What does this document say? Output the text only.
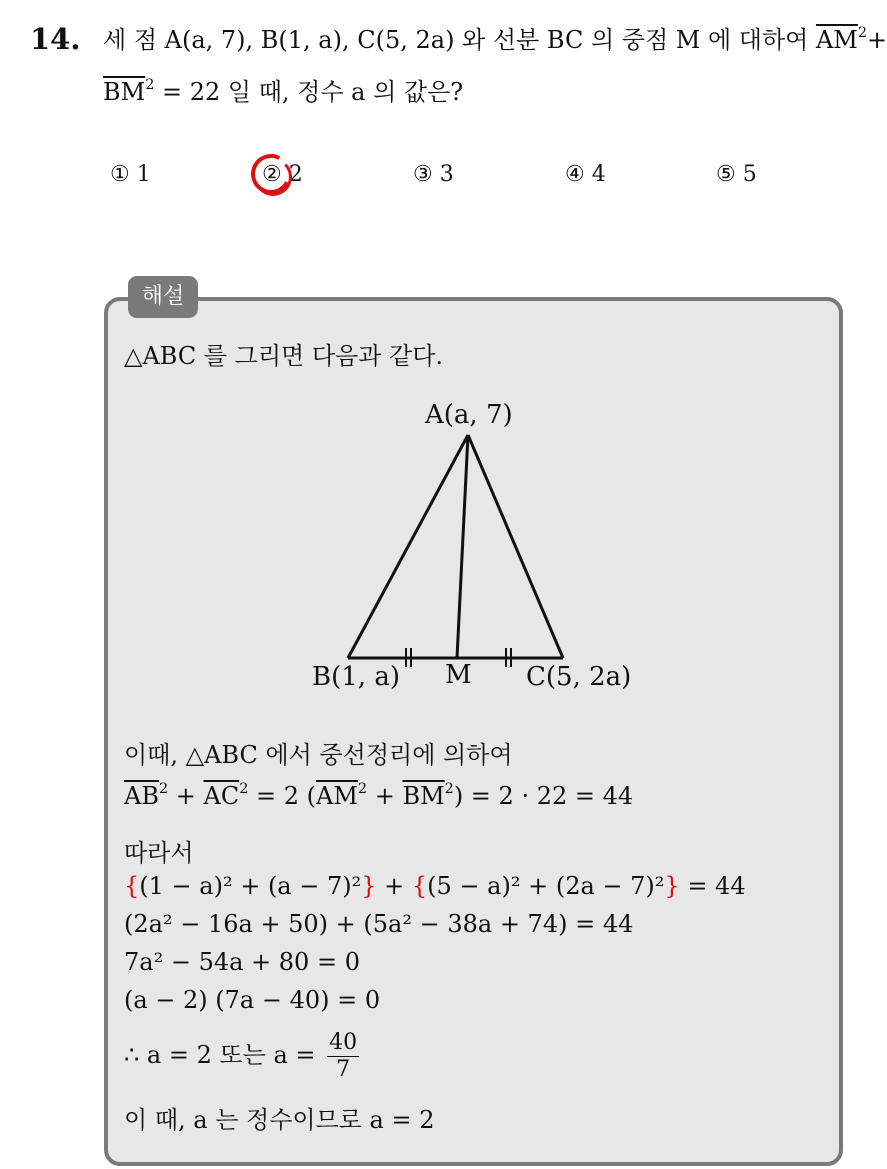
14. 세 점 A(a, 7), B(1, a), C(5, 2a) 와 선분 BC 의 중점 M 에 대하여 $\overline{AM}^2+$
$\overline{BM}^2 = 22$ 일 때, 정수 a 의 값은?
① 1	② 2	③ 3	④ 4	⑤ 5
해설
△ABC 를 그리면 다음과 같다.
A(a, 7)
B(1, a) M C(5, 2a)
이때, △ABC 에서 중선정리에 의하여
$\overline{AB}^2 + \overline{AC}^2 = 2$ $(\overline{AM}^2 + \overline{BM}^2) = 2 \cdot 22 = 44$
따라서
{(1 − a)² + (a − 7)²} + {(5 − a)² + (2a − 7)²} = 44
(2a² − 16a + 50) + (5a² − 38a + 74) = 44
7a² − 54a + 80 = 0
(a − 2) (7a − 40) = 0
∴ a = 2 또는 $a = \frac{40}{7}$
이 때, a 는 정수이므로 a = 2
